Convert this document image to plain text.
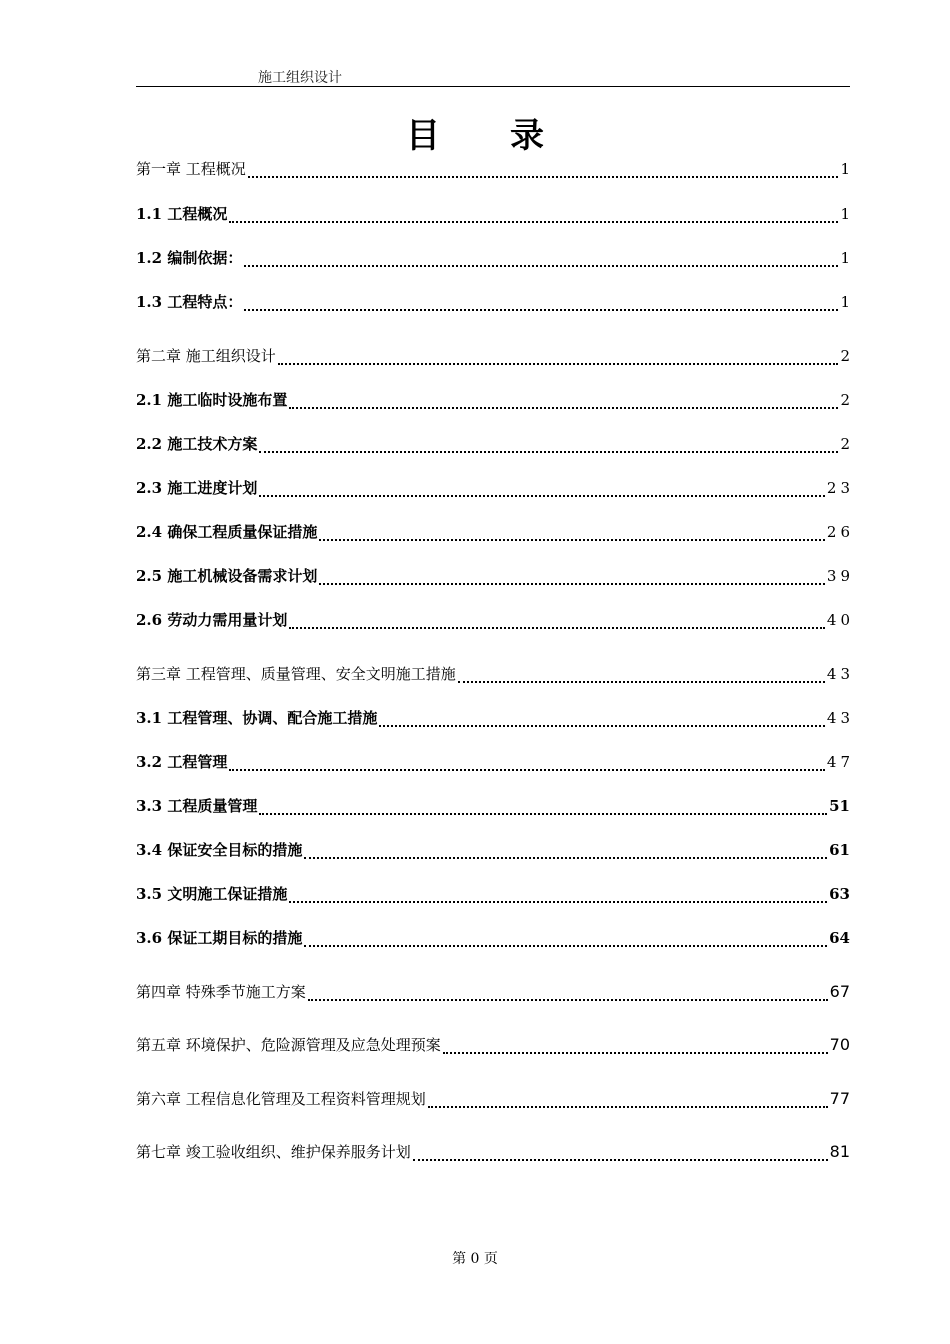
施工组织设计
目录
第一章 工程概况	1
1.1 工程概况	1
1.2 编制依据：	1
1.3 工程特点：	1
第二章 施工组织设计	2
2.1 施工临时设施布置	2
2.2 施工技术方案	2
2.3 施工进度计划	23
2.4 确保工程质量保证措施	26
2.5 施工机械设备需求计划	39
2.6 劳动力需用量计划	40
第三章 工程管理、质量管理、安全文明施工措施	43
3.1 工程管理、协调、配合施工措施	43
3.2 工程管理	47
3.3 工程质量管理	51
3.4 保证安全目标的措施	61
3.5 文明施工保证措施	63
3.6 保证工期目标的措施	64
第四章 特殊季节施工方案	67
第五章 环境保护、危险源管理及应急处理预案	70
第六章 工程信息化管理及工程资料管理规划	77
第七章 竣工验收组织、维护保养服务计划	81
第 0 页
